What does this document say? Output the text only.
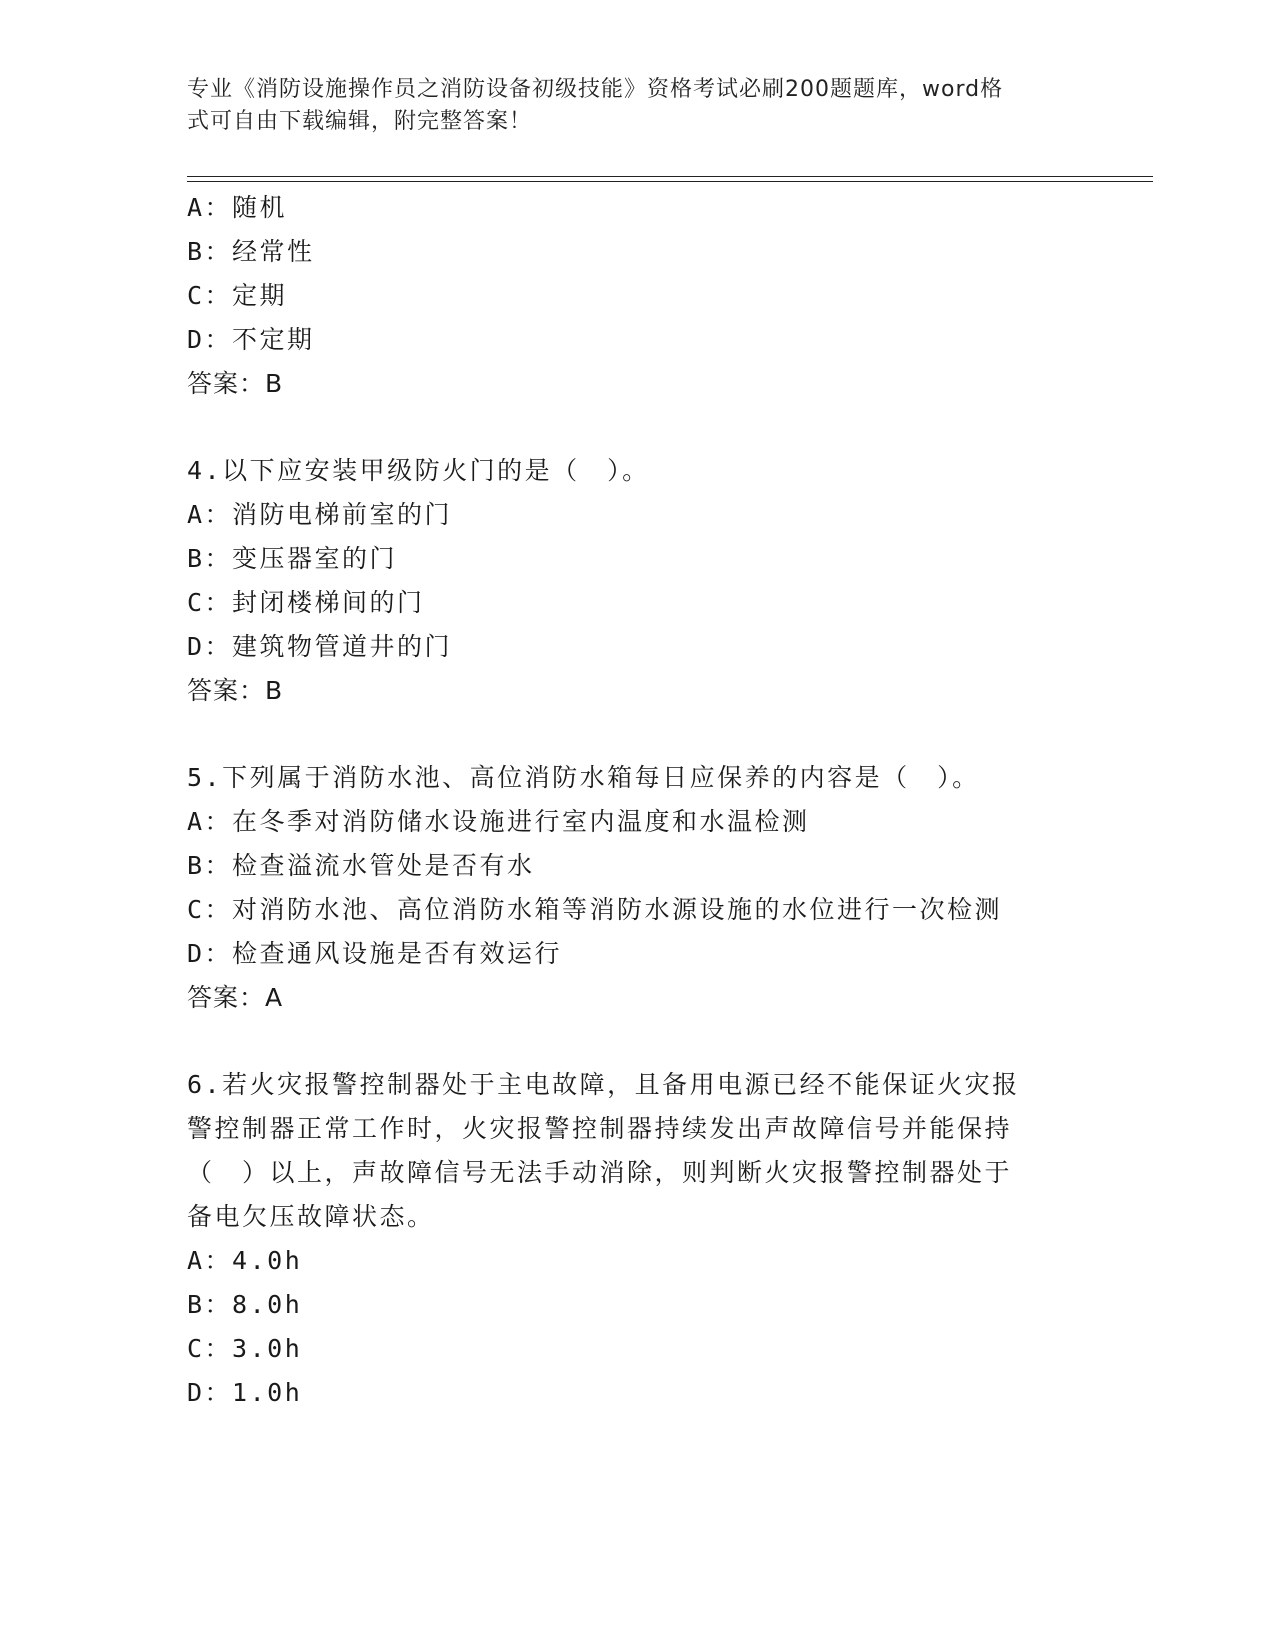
专业《消防设施操作员之消防设备初级技能》资格考试必刷200题题库，word格
式可自由下载编辑，附完整答案！
A：随机
B：经常性
C：定期
D：不定期
答案：B
4.以下应安装甲级防火门的是（　）。
A：消防电梯前室的门
B：变压器室的门
C：封闭楼梯间的门
D：建筑物管道井的门
答案：B
5.下列属于消防水池、高位消防水箱每日应保养的内容是（　）。
A：在冬季对消防储水设施进行室内温度和水温检测
B：检查溢流水管处是否有水
C：对消防水池、高位消防水箱等消防水源设施的水位进行一次检测
D：检查通风设施是否有效运行
答案：A
6.若火灾报警控制器处于主电故障，且备用电源已经不能保证火灾报
警控制器正常工作时，火灾报警控制器持续发出声故障信号并能保持
（　）以上，声故障信号无法手动消除，则判断火灾报警控制器处于
备电欠压故障状态。
A：4.0h
B：8.0h
C：3.0h
D：1.0h
